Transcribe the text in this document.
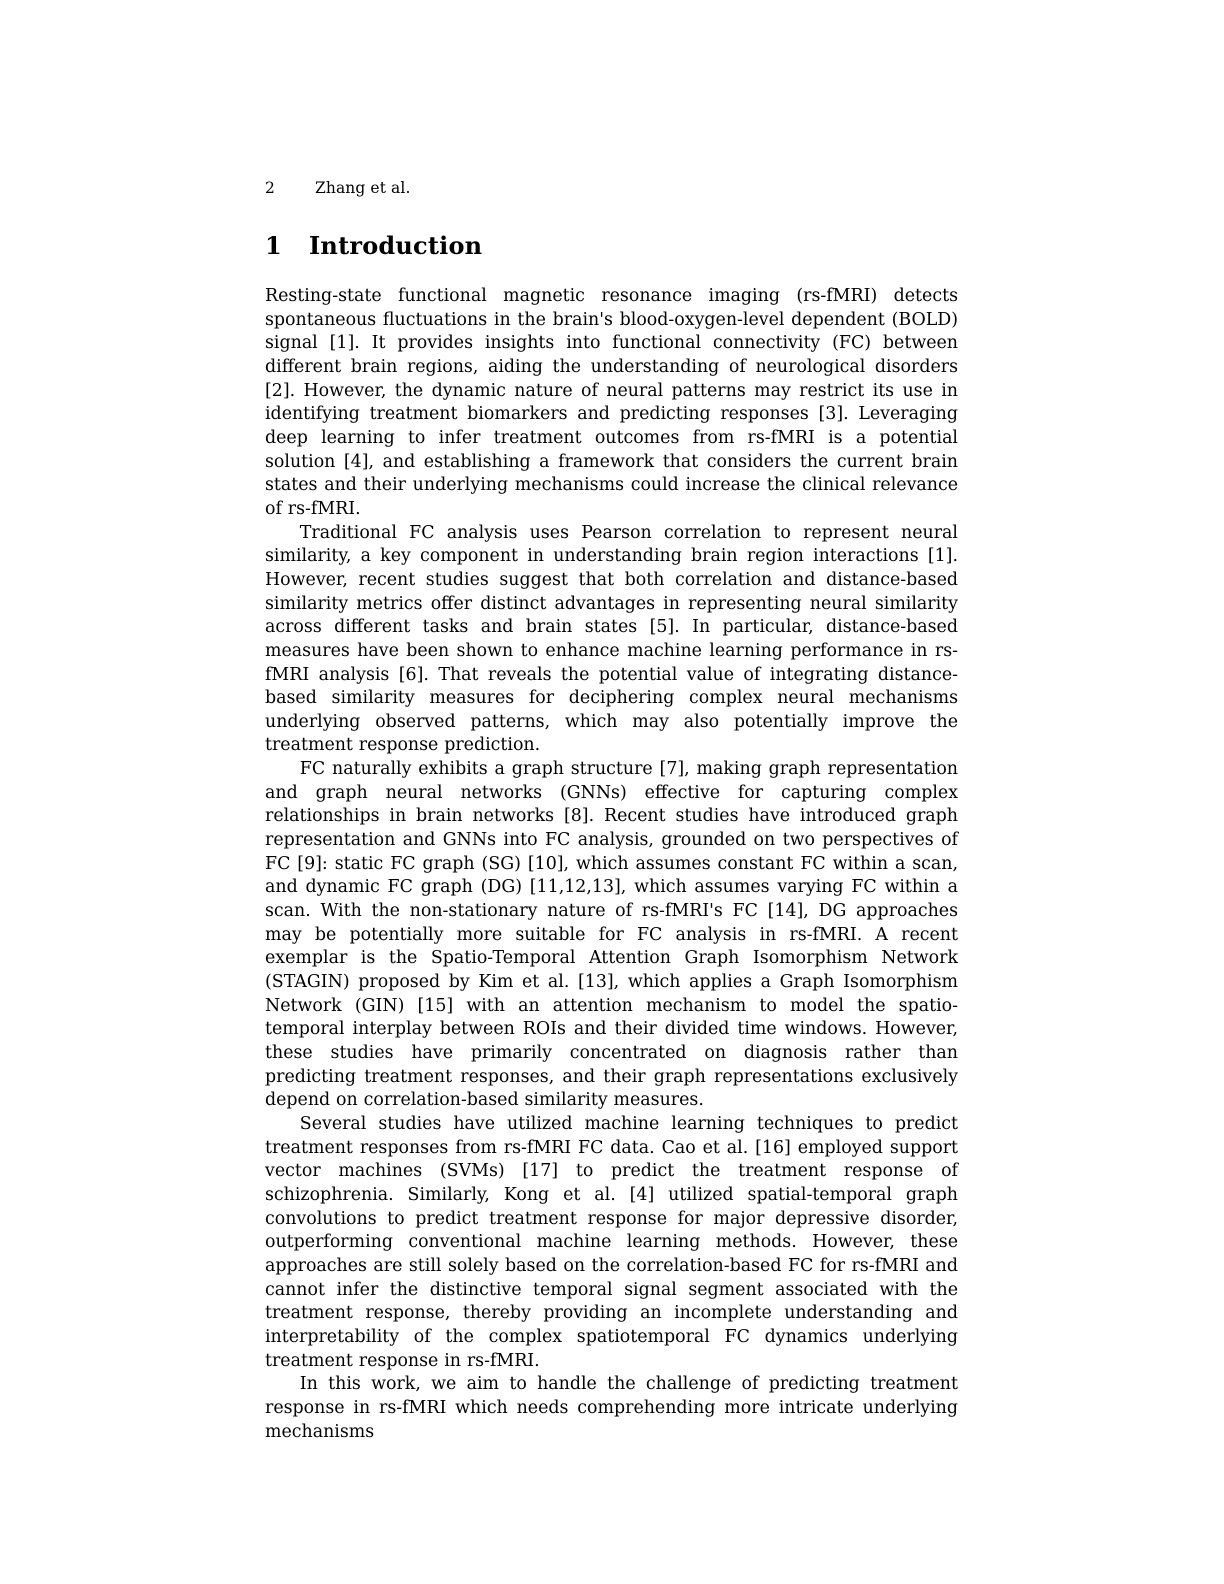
2	Zhang et al.
1 Introduction

Resting-state functional magnetic resonance imaging (rs-fMRI) detects spontaneous fluctuations in the brain's blood-oxygen-level dependent (BOLD) signal [1]. It provides insights into functional connectivity (FC) between different brain regions, aiding the understanding of neurological disorders [2]. However, the dynamic nature of neural patterns may restrict its use in identifying treatment biomarkers and predicting responses [3]. Leveraging deep learning to infer treatment outcomes from rs-fMRI is a potential solution [4], and establishing a framework that considers the current brain states and their underlying mechanisms could increase the clinical relevance of rs-fMRI.

Traditional FC analysis uses Pearson correlation to represent neural similarity, a key component in understanding brain region interactions [1]. However, recent studies suggest that both correlation and distance-based similarity metrics offer distinct advantages in representing neural similarity across different tasks and brain states [5]. In particular, distance-based measures have been shown to enhance machine learning performance in rs-fMRI analysis [6]. That reveals the potential value of integrating distance-based similarity measures for deciphering complex neural mechanisms underlying observed patterns, which may also potentially improve the treatment response prediction.

FC naturally exhibits a graph structure [7], making graph representation and graph neural networks (GNNs) effective for capturing complex relationships in brain networks [8]. Recent studies have introduced graph representation and GNNs into FC analysis, grounded on two perspectives of FC [9]: static FC graph (SG) [10], which assumes constant FC within a scan, and dynamic FC graph (DG) [11,12,13], which assumes varying FC within a scan. With the non-stationary nature of rs-fMRI's FC [14], DG approaches may be potentially more suitable for FC analysis in rs-fMRI. A recent exemplar is the Spatio-Temporal Attention Graph Isomorphism Network (STAGIN) proposed by Kim et al. [13], which applies a Graph Isomorphism Network (GIN) [15] with an attention mechanism to model the spatio-temporal interplay between ROIs and their divided time windows. However, these studies have primarily concentrated on diagnosis rather than predicting treatment responses, and their graph representations exclusively depend on correlation-based similarity measures.

Several studies have utilized machine learning techniques to predict treatment responses from rs-fMRI FC data. Cao et al. [16] employed support vector machines (SVMs) [17] to predict the treatment response of schizophrenia. Similarly, Kong et al. [4] utilized spatial-temporal graph convolutions to predict treatment response for major depressive disorder, outperforming conventional machine learning methods. However, these approaches are still solely based on the correlation-based FC for rs-fMRI and cannot infer the distinctive temporal signal segment associated with the treatment response, thereby providing an incomplete understanding and interpretability of the complex spatiotemporal FC dynamics underlying treatment response in rs-fMRI.

In this work, we aim to handle the challenge of predicting treatment response in rs-fMRI which needs comprehending more intricate underlying mechanisms
